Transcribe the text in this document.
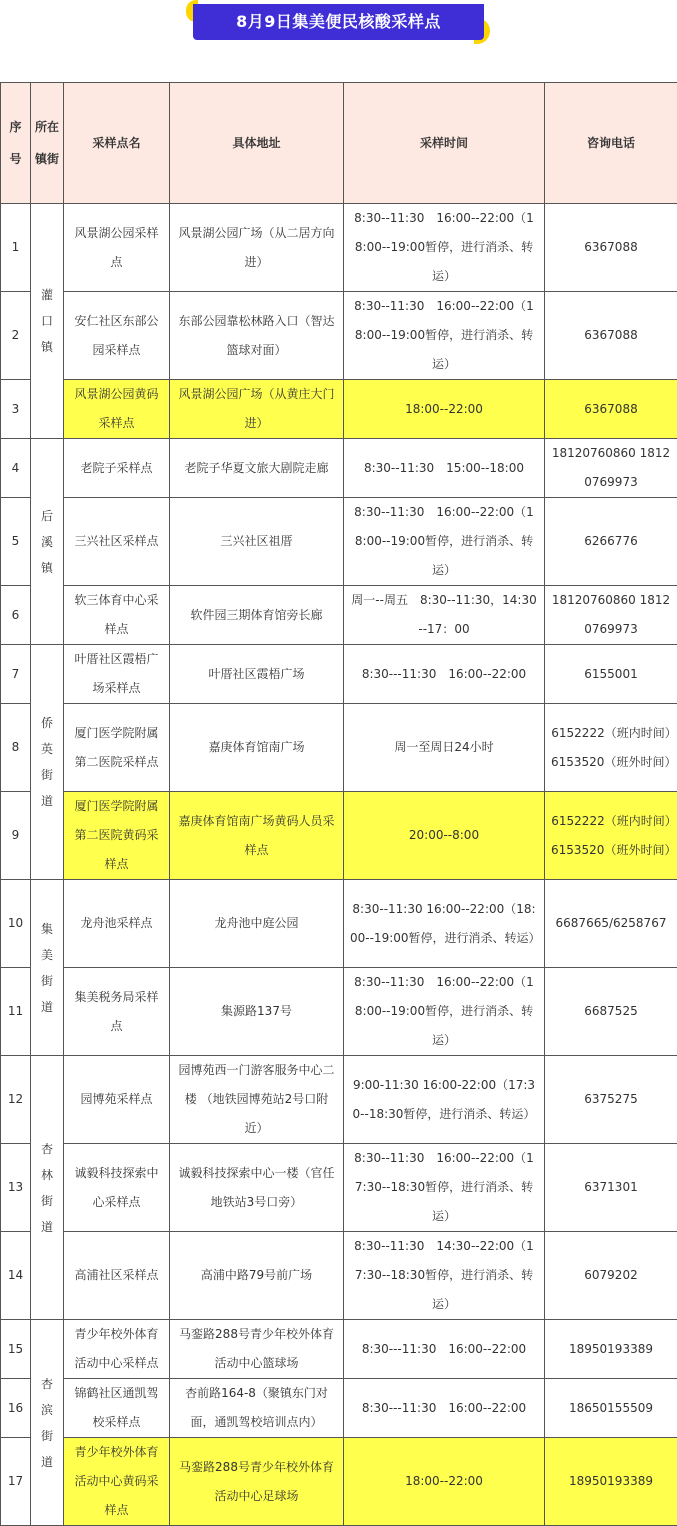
8月9日集美便民核酸采样点
序号	所在镇街	采样点名	具体地址	采样时间	咨询电话
1	灌口镇	风景湖公园采样点	风景湖公园广场（从二居方向进）	8:30--11:30　16:00--22:00（18:00--19:00暂停，进行消杀、转运）	6367088
2		安仁社区东部公园采样点	东部公园靠松林路入口（智达篮球对面）	8:30--11:30　16:00--22:00（18:00--19:00暂停，进行消杀、转运）	6367088
3		风景湖公园黄码采样点	风景湖公园广场（从黄庄大门进）	18:00--22:00	6367088
4	后溪镇	老院子采样点	老院子华夏文旅大剧院走廊	8:30--11:30　15:00--18:00	18120760860 18120769973
5		三兴社区采样点	三兴社区祖厝	8:30--11:30　16:00--22:00（18:00--19:00暂停，进行消杀、转运）	6266776
6		软三体育中心采样点	软件园三期体育馆旁长廊	周一--周五　8:30--11:30，14:30--17：00	18120760860 18120769973
7	侨英街道	叶厝社区霞梧广场采样点	叶厝社区霞梧广场	8:30---11:30　16:00--22:00	6155001
8		厦门医学院附属第二医院采样点	嘉庚体育馆南广场	周一至周日24小时	6152222（班内时间）6153520（班外时间）
9		厦门医学院附属第二医院黄码采样点	嘉庚体育馆南广场黄码人员采样点	20:00--8:00	6152222（班内时间）6153520（班外时间）
10	集美街道	龙舟池采样点	龙舟池中庭公园	8:30--11:30 16:00--22:00（18:00--19:00暂停，进行消杀、转运）	6687665/6258767
11		集美税务局采样点	集源路137号	8:30--11:30　16:00--22:00（18:00--19:00暂停，进行消杀、转运）	6687525
12	杏林街道	园博苑采样点	园博苑西一门游客服务中心二楼 （地铁园博苑站2号口附近）	9:00-11:30 16:00-22:00（17:30--18:30暂停，进行消杀、转运）	6375275
13		诚毅科技探索中心采样点	诚毅科技探索中心一楼（官任地铁站3号口旁）	8:30--11:30　16:00--22:00（17:30--18:30暂停，进行消杀、转运）	6371301
14		高浦社区采样点	高浦中路79号前广场	8:30--11:30　14:30--22:00（17:30--18:30暂停，进行消杀、转运）	6079202
15	杏滨街道	青少年校外体育活动中心采样点	马銮路288号青少年校外体育活动中心篮球场	8:30---11:30　16:00--22:00	18950193389
16		锦鹤社区通凯驾校采样点	杏前路164-8（聚镇东门对面，通凯驾校培训点内）	8:30---11:30　16:00--22:00	18650155509
17		青少年校外体育活动中心黄码采样点	马銮路288号青少年校外体育活动中心足球场	18:00--22:00	18950193389
